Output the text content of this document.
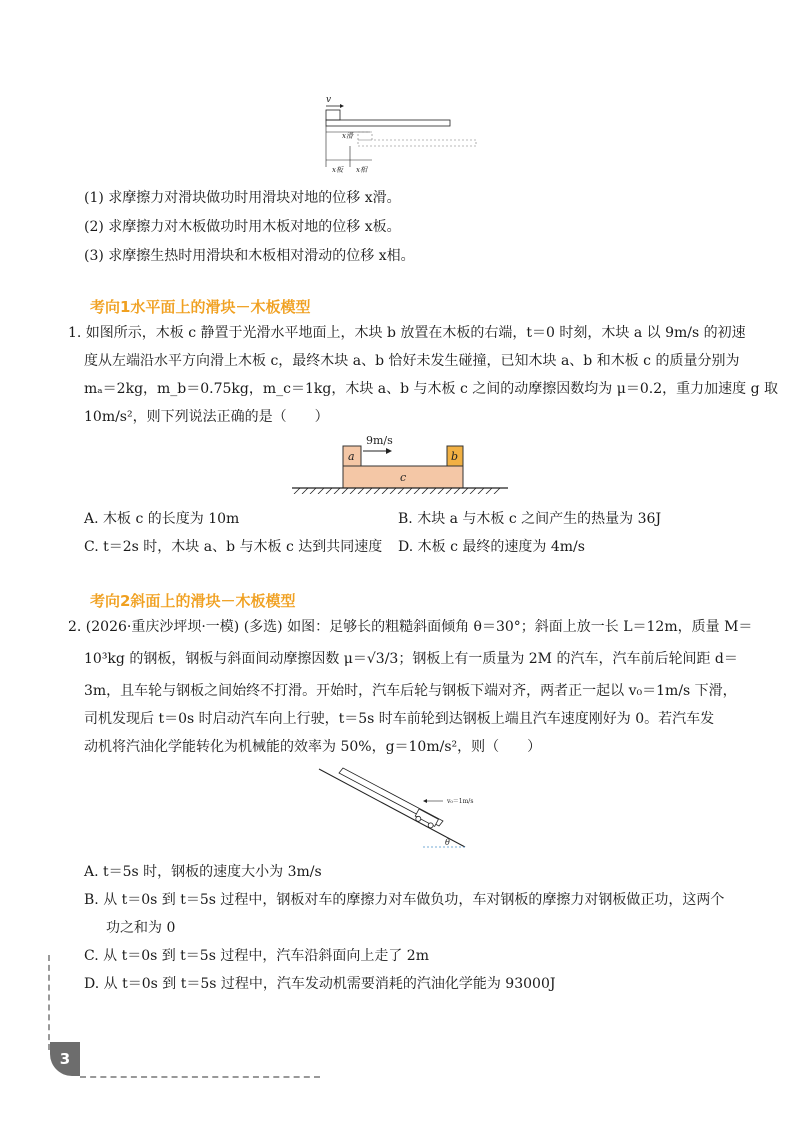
v
x滑
x板 x相
(1) 求摩擦力对滑块做功时用滑块对地的位移 x滑。
(2) 求摩擦力对木板做功时用木板对地的位移 x板。
(3) 求摩擦生热时用滑块和木板相对滑动的位移 x相。
考向1水平面上的滑块－木板模型
1. 如图所示，木板 c 静置于光滑水平地面上，木块 b 放置在木板的右端，t＝0 时刻，木块 a 以 9m/s 的初速
度从左端沿水平方向滑上木板 c，最终木块 a、b 恰好未发生碰撞，已知木块 a、b 和木板 c 的质量分别为
mₐ＝2kg，m_b＝0.75kg，m_c＝1kg，木块 a、b 与木板 c 之间的动摩擦因数均为 μ＝0.2，重力加速度 g 取
10m/s²，则下列说法正确的是（　　）
c
a	b
9m/s
A. 木板 c 的长度为 10m	B. 木块 a 与木板 c 之间产生的热量为 36J
C. t＝2s 时，木块 a、b 与木板 c 达到共同速度 D. 木板 c 最终的速度为 4m/s
考向2斜面上的滑块－木板模型
2. (2026·重庆沙坪坝·一模) (多选) 如图：足够长的粗糙斜面倾角 θ＝30°；斜面上放一长 L＝12m，质量 M＝
10³kg 的钢板，钢板与斜面间动摩擦因数 μ＝√3/3；钢板上有一质量为 2M 的汽车，汽车前后轮间距 d＝
3m，且车轮与钢板之间始终不打滑。开始时，汽车后轮与钢板下端对齐，两者正一起以 v₀＝1m/s 下滑，
司机发现后 t＝0s 时启动汽车向上行驶，t＝5s 时车前轮到达钢板上端且汽车速度刚好为 0。若汽车发
动机将汽油化学能转化为机械能的效率为 50%，g＝10m/s²，则（　　）
v₀＝1m/s
θ
A. t＝5s 时，钢板的速度大小为 3m/s
B. 从 t＝0s 到 t＝5s 过程中，钢板对车的摩擦力对车做负功，车对钢板的摩擦力对钢板做正功，这两个
功之和为 0
C. 从 t＝0s 到 t＝5s 过程中，汽车沿斜面向上走了 2m
D. 从 t＝0s 到 t＝5s 过程中，汽车发动机需要消耗的汽油化学能为 93000J
3
